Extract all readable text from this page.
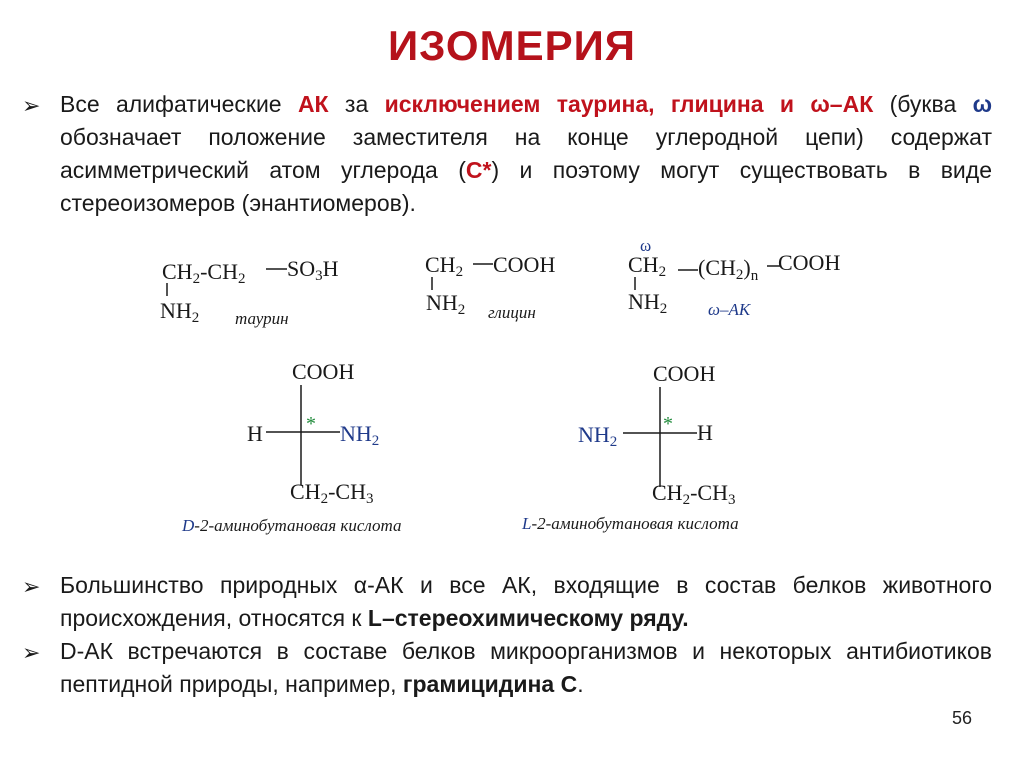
ИЗОМЕРИЯ
➢ Все алифатические АК за исключением таурина, глицина и ω–АК (буква ω обозначает положение заместителя на конце углеродной цепи) содержат асимметрический атом углерода (С*) и поэтому могут существовать в виде стереоизомеров (энантиомеров).
CH2-CH2 SO3H
NH2 таурин
CH2 COOH
NH2 глицин
ω
CH2 $(CH2)_n$
COOH
NH2 ω–АК
COOH
H * NH2
CH2-CH3
D-2-аминобутановая кислота
COOH
NH2
* H
CH2-CH3
L-2-аминобутановая кислота
➢ Большинство природных α-АК и все АК, входящие в состав белков животного происхождения, относятся к L–стереохимическому ряду.
➢ D-АК встречаются в составе белков микроорганизмов и некоторых антибиотиков пептидной природы, например, грамицидина С.
56
